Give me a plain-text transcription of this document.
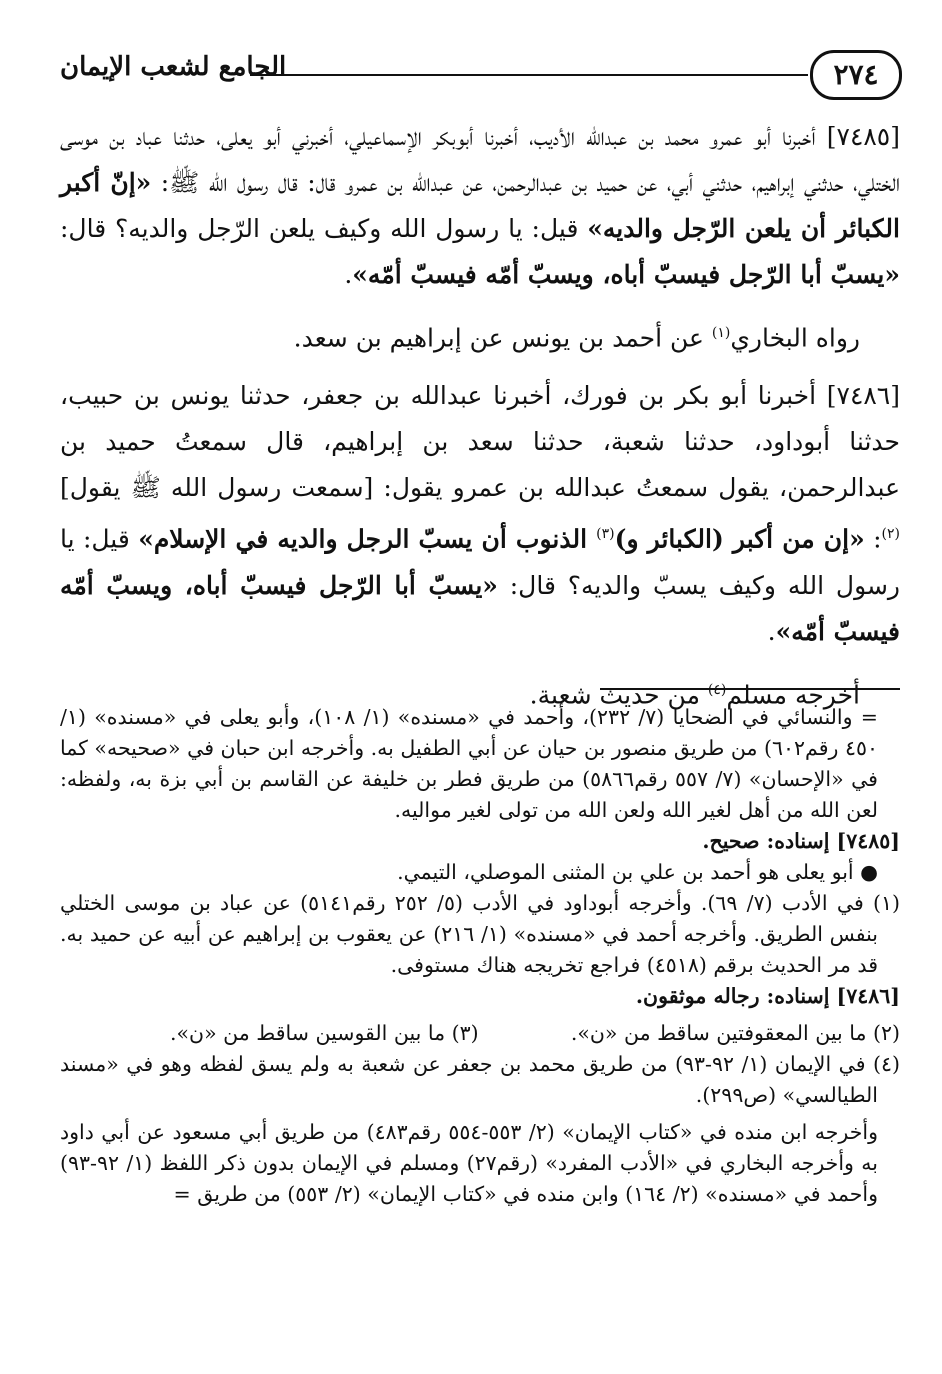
٢٧٤
الجامع لشعب الإيمان

[٧٤٨٥] أخبرنا أبو عمرو محمد بن عبدالله الأديب، أخبرنا أبوبكر الإسماعيلي، أخبرني أبو يعلى، حدثنا عباد بن موسى الختلي، حدثني إبراهيم، حدثني أبي، عن حميد بن عبدالرحمن، عن عبدالله بن عمرو قال: قال رسول الله ﷺ: «إنّ أكبر الكبائر أن يلعن الرّجل والديه» قيل: يا رسول الله وكيف يلعن الرّجل والديه؟ قال: «يسبّ أبا الرّجل فيسبّ أباه، ويسبّ أمّه فيسبّ أمّه».

رواه البخاري$^{(١)}$ عن أحمد بن يونس عن إبراهيم بن سعد.

[٧٤٨٦] أخبرنا أبو بكر بن فورك، أخبرنا عبدالله بن جعفر، حدثنا يونس بن حبيب، حدثنا أبوداود، حدثنا شعبة، حدثنا سعد بن إبراهيم، قال سمعتُ حميد بن عبدالرحمن، يقول سمعتُ عبدالله بن عمرو يقول: [سمعت رسول الله ﷺ يقول]$^{(٢)}$: «إن من أكبر (الكبائر و)$^{(٣)}$ الذنوب أن يسبّ الرجل والديه في الإسلام» قيل: يا رسول الله وكيف يسبّ والديه؟ قال: «يسبّ أبا الرّجل فيسبّ أباه، ويسبّ أمّه فيسبّ أمّه».

أخرجه مسلم$^{(٤)}$ من حديث شعبة.

= والنسائي في الضحايا (٧/ ٢٣٢)، وأحمد في «مسنده» (١/ ١٠٨)، وأبو يعلى في «مسنده» (١/ ٤٥٠ رقم٦٠٢) من طريق منصور بن حيان عن أبي الطفيل به. وأخرجه ابن حبان في «صحيحه» كما في «الإحسان» (٧/ ٥٥٧ رقم٥٨٦٦) من طريق فطر بن خليفة عن القاسم بن أبي بزة به، ولفظه: لعن الله من أهل لغير الله ولعن الله من تولى لغير مواليه.

[٧٤٨٥] إسناده: صحيح.

● أبو يعلى هو أحمد بن علي بن المثنى الموصلي، التيمي.

(١) في الأدب (٧/ ٦٩). وأخرجه أبوداود في الأدب (٥/ ٢٥٢ رقم٥١٤١) عن عباد بن موسى الختلي بنفس الطريق. وأخرجه أحمد في «مسنده» (١/ ٢١٦) عن يعقوب بن إبراهيم عن أبيه عن حميد به. قد مر الحديث برقم (٤٥١٨) فراجع تخريجه هناك مستوفى.

[٧٤٨٦] إسناده: رجاله موثقون.

(٢) ما بين المعقوفتين ساقط من «ن».
(٣) ما بين القوسين ساقط من «ن».

(٤) في الإيمان (١/ ٩٢-٩٣) من طريق محمد بن جعفر عن شعبة به ولم يسق لفظه وهو في «مسند الطيالسي» (ص٢٩٩).

وأخرجه ابن منده في «كتاب الإيمان» (٢/ ٥٥٣-٥٥٤ رقم٤٨٣) من طريق أبي مسعود عن أبي داود به وأخرجه البخاري في «الأدب المفرد» (رقم٢٧) ومسلم في الإيمان بدون ذكر اللفظ (١/ ٩٢-٩٣) وأحمد في «مسنده» (٢/ ١٦٤) وابن منده في «كتاب الإيمان» (٢/ ٥٥٣) من طريق =
